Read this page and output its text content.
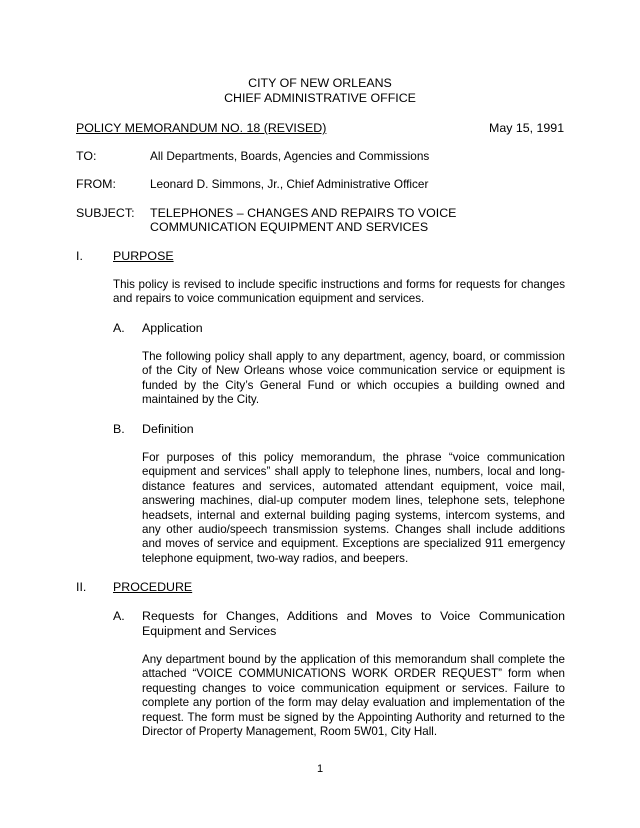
CITY OF NEW ORLEANS
CHIEF ADMINISTRATIVE OFFICE
POLICY MEMORANDUM NO. 18 (REVISED)	May 15, 1991
TO:	All Departments, Boards, Agencies and Commissions
FROM:	Leonard D. Simmons, Jr., Chief Administrative Officer
SUBJECT: TELEPHONES – CHANGES AND REPAIRS TO VOICE
COMMUNICATION EQUIPMENT AND SERVICES
I. PURPOSE

This policy is revised to include specific instructions and forms for requests for changes and repairs to voice communication equipment and services.

A. Application

The following policy shall apply to any department, agency, board, or commission of the City of New Orleans whose voice communication service or equipment is funded by the City’s General Fund or which occupies a building owned and maintained by the City.

B. Definition

For purposes of this policy memorandum, the phrase “voice communication equipment and services” shall apply to telephone lines, numbers, local and long-distance features and services, automated attendant equipment, voice mail, answering machines, dial-up computer modem lines, telephone sets, telephone headsets, internal and external building paging systems, intercom systems, and any other audio/speech transmission systems. Changes shall include additions and moves of service and equipment. Exceptions are specialized 911 emergency telephone equipment, two-way radios, and beepers.

II. PROCEDURE
A. Requests for Changes, Additions and Moves to Voice Communication Equipment and Services

Any department bound by the application of this memorandum shall complete the attached “VOICE COMMUNICATIONS WORK ORDER REQUEST” form when requesting changes to voice communication equipment or services. Failure to complete any portion of the form may delay evaluation and implementation of the request. The form must be signed by the Appointing Authority and returned to the Director of Property Management, Room 5W01, City Hall.

1
